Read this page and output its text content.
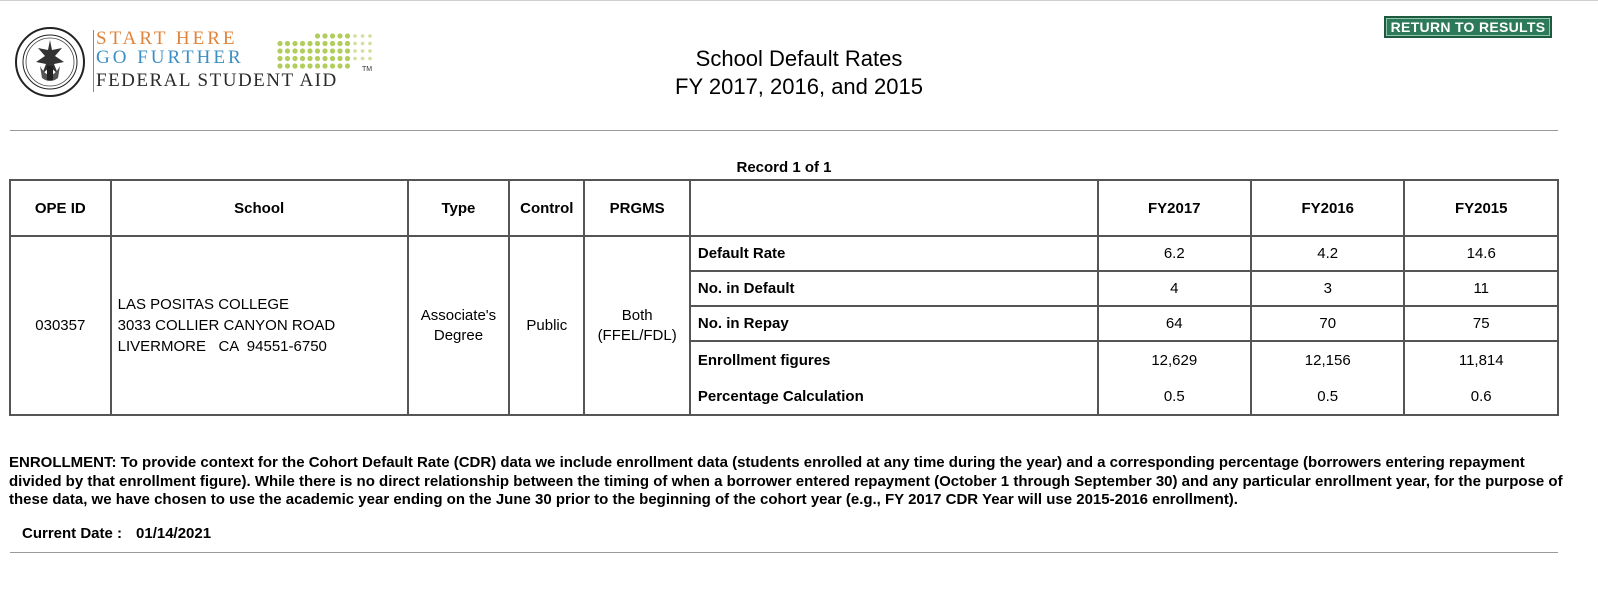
START HERE
GO FURTHER
FEDERAL STUDENT AID
TM	School Default Rates
FY 2017, 2016, and 2015
RETURN TO RESULTS
Record 1 of 1
OPE ID	School	Type	Control	PRGMS		FY2017	FY2016	FY2015
030357	LAS POSITAS COLLEGE
3033 COLLIER CANYON ROAD
LIVERMORE   CA  94551-6750	Associate's Degree	Public	Both (FFEL/FDL)	Default Rate	6.2	4.2	14.6
					No. in Default	4	3	11
					No. in Repay	64	70	75
					Enrollment figures	12,629	12,156	11,814
					Percentage Calculation	0.5	0.5	0.6
ENROLLMENT: To provide context for the Cohort Default Rate (CDR) data we include enrollment data (students enrolled at any time during the year) and a corresponding percentage (borrowers entering repayment divided by that enrollment figure). While there is no direct relationship between the timing of when a borrower entered repayment (October 1 through September 30) and any particular enrollment year, for the purpose of these data, we have chosen to use the academic year ending on the June 30 prior to the beginning of the cohort year (e.g., FY 2017 CDR Year will use 2015-2016 enrollment).
Current Date : 01/14/2021
